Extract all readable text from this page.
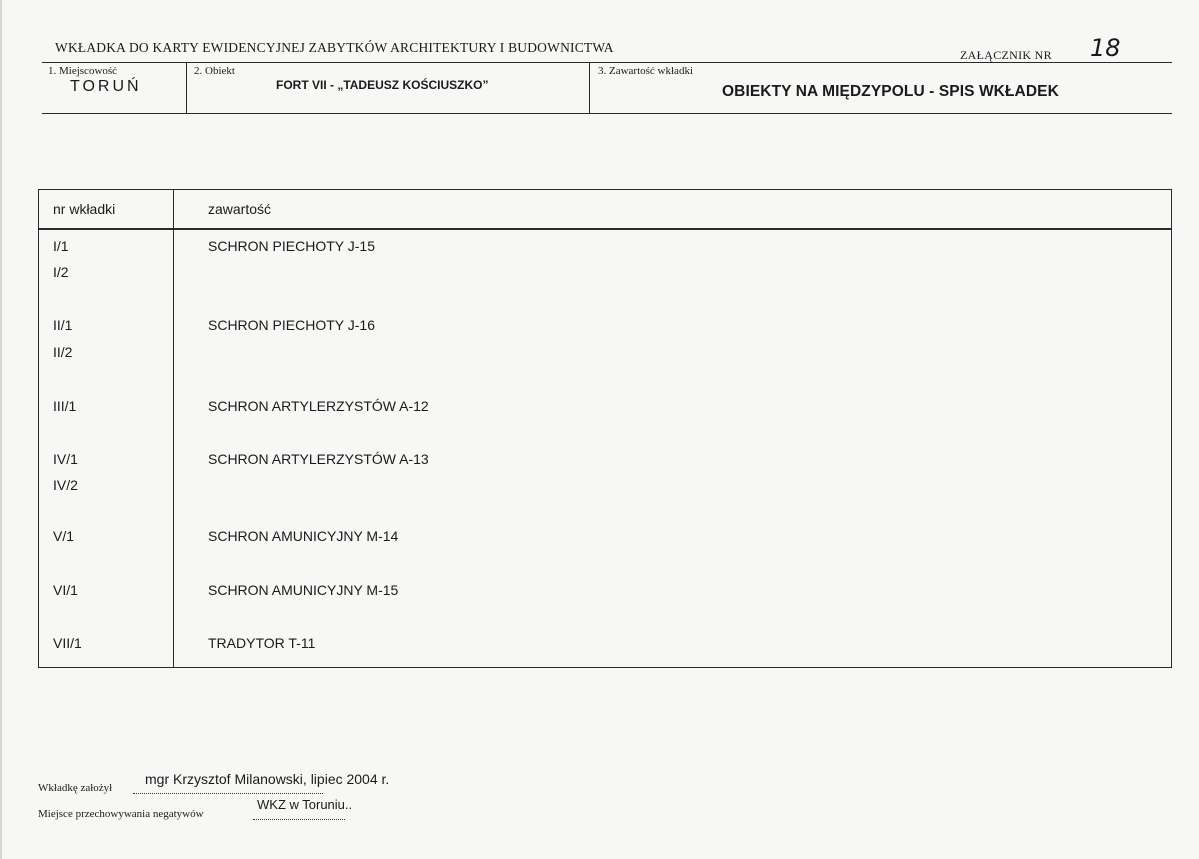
WKŁADKA DO KARTY EWIDENCYJNEJ ZABYTKÓW ARCHITEKTURY I BUDOWNICTWA	ZAŁĄCZNIK NR 18
1. Miejscowość
TORUŃ
2. Obiekt
FORT VII - „TADEUSZ KOŚCIUSZKO”
3. Zawartość wkładki
OBIEKTY NA MIĘDZYPOLU - SPIS WKŁADEK
nr wkładki	zawartość
I/1	SCHRON PIECHOTY J-15
I/2
II/1	SCHRON PIECHOTY J-16
II/2
III/1	SCHRON ARTYLERZYSTÓW A-12
IV/1	SCHRON ARTYLERZYSTÓW A-13
IV/2
V/1	SCHRON AMUNICYJNY M-14
VI/1	SCHRON AMUNICYJNY M-15
VII/1	TRADYTOR T-11
Wkładkę założył
mgr Krzysztof Milanowski, lipiec 2004 r.
Miejsce przechowywania negatywów
WKZ w Toruniu..
